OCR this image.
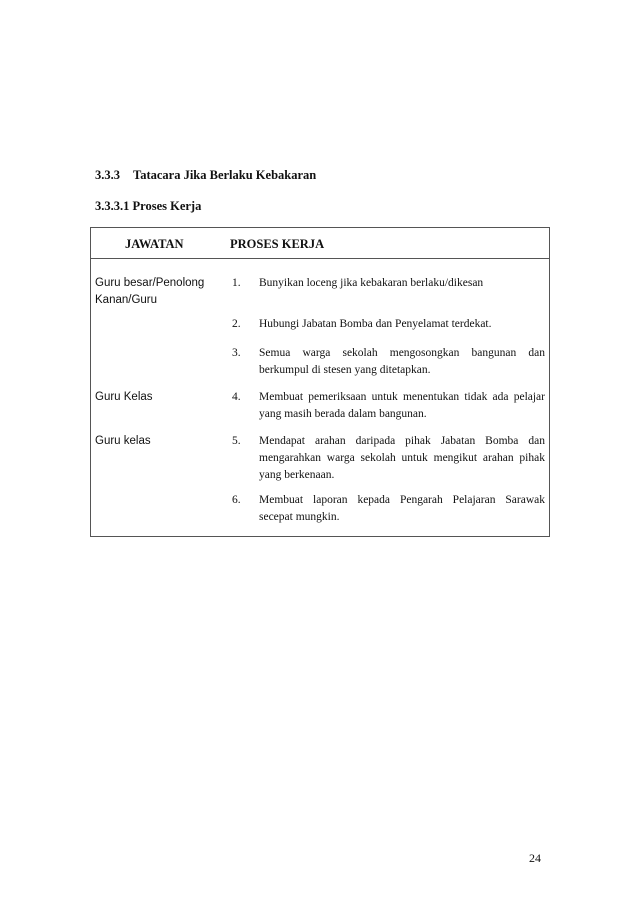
3.3.3 Tatacara Jika Berlaku Kebakaran
3.3.3.1 Proses Kerja
JAWATAN	PROSES KERJA
Guru besar/Penolong Kanan/Guru
Guru Kelas
Guru kelas
1. Bunyikan loceng jika kebakaran berlaku/dikesan
2. Hubungi Jabatan Bomba dan Penyelamat terdekat.
3. Semua warga sekolah mengosongkan bangunan dan berkumpul di stesen yang ditetapkan.
4. Membuat pemeriksaan untuk menentukan tidak ada pelajar yang masih berada dalam bangunan.
5. Mendapat arahan daripada pihak Jabatan Bomba dan mengarahkan warga sekolah untuk mengikut arahan pihak yang berkenaan.
6. Membuat laporan kepada Pengarah Pelajaran Sarawak secepat mungkin.
24
